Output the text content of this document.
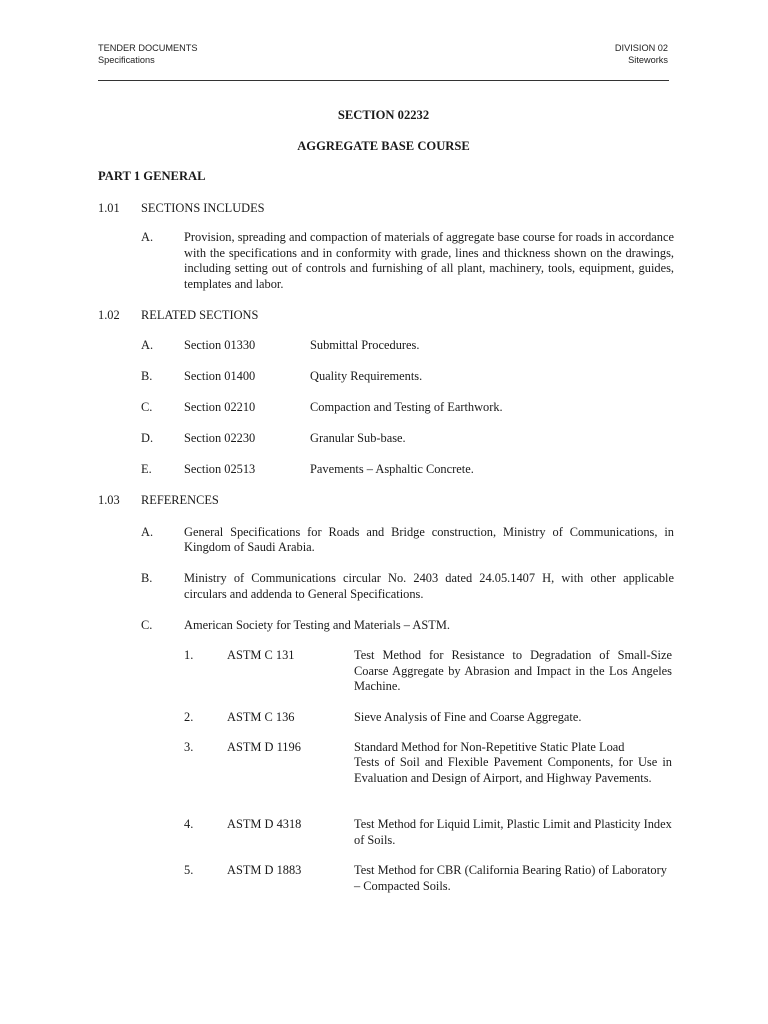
TENDER DOCUMENTS
Specifications
DIVISION 02
Siteworks
SECTION 02232
AGGREGATE BASE COURSE
PART 1 GENERAL
1.01 SECTIONS INCLUDES
A. Provision, spreading and compaction of materials of aggregate base course for roads in accordance with the specifications and in conformity with grade, lines and thickness shown on the drawings, including setting out of controls and furnishing of all plant, machinery, tools, equipment, guides, templates and labor.
1.02 RELATED SECTIONS
A. Section 01330	Submittal Procedures.
B.	Section 01400	Quality Requirements.
C.	Section 02210	Compaction and Testing of Earthwork.
D. Section 02230	Granular Sub-base.
E.	Section 02513	Pavements – Asphaltic Concrete.
1.03 REFERENCES
A. General Specifications for Roads and Bridge construction, Ministry of Communications, in
Kingdom of Saudi Arabia.
B.	Ministry of Communications circular No. 2403 dated 24.05.1407 H, with other applicable circulars and addenda to General Specifications.
C.	American Society for Testing and Materials – ASTM.
1.	ASTM C 131	Test Method for Resistance to Degradation of Small-Size Coarse Aggregate by Abrasion and Impact in the Los Angeles Machine.
2.	ASTM C 136	Sieve Analysis of Fine and Coarse Aggregate.
3.	ASTM D 1196	Standard Method for Non-Repetitive Static Plate Load
Tests of Soil and Flexible Pavement Components, for Use in Evaluation and Design of Airport, and Highway Pavements.
4.	ASTM D 4318	Test Method for Liquid Limit, Plastic Limit and Plasticity Index of Soils.
5.	ASTM D 1883	Test Method for CBR (California Bearing Ratio) of Laboratory – Compacted Soils.
